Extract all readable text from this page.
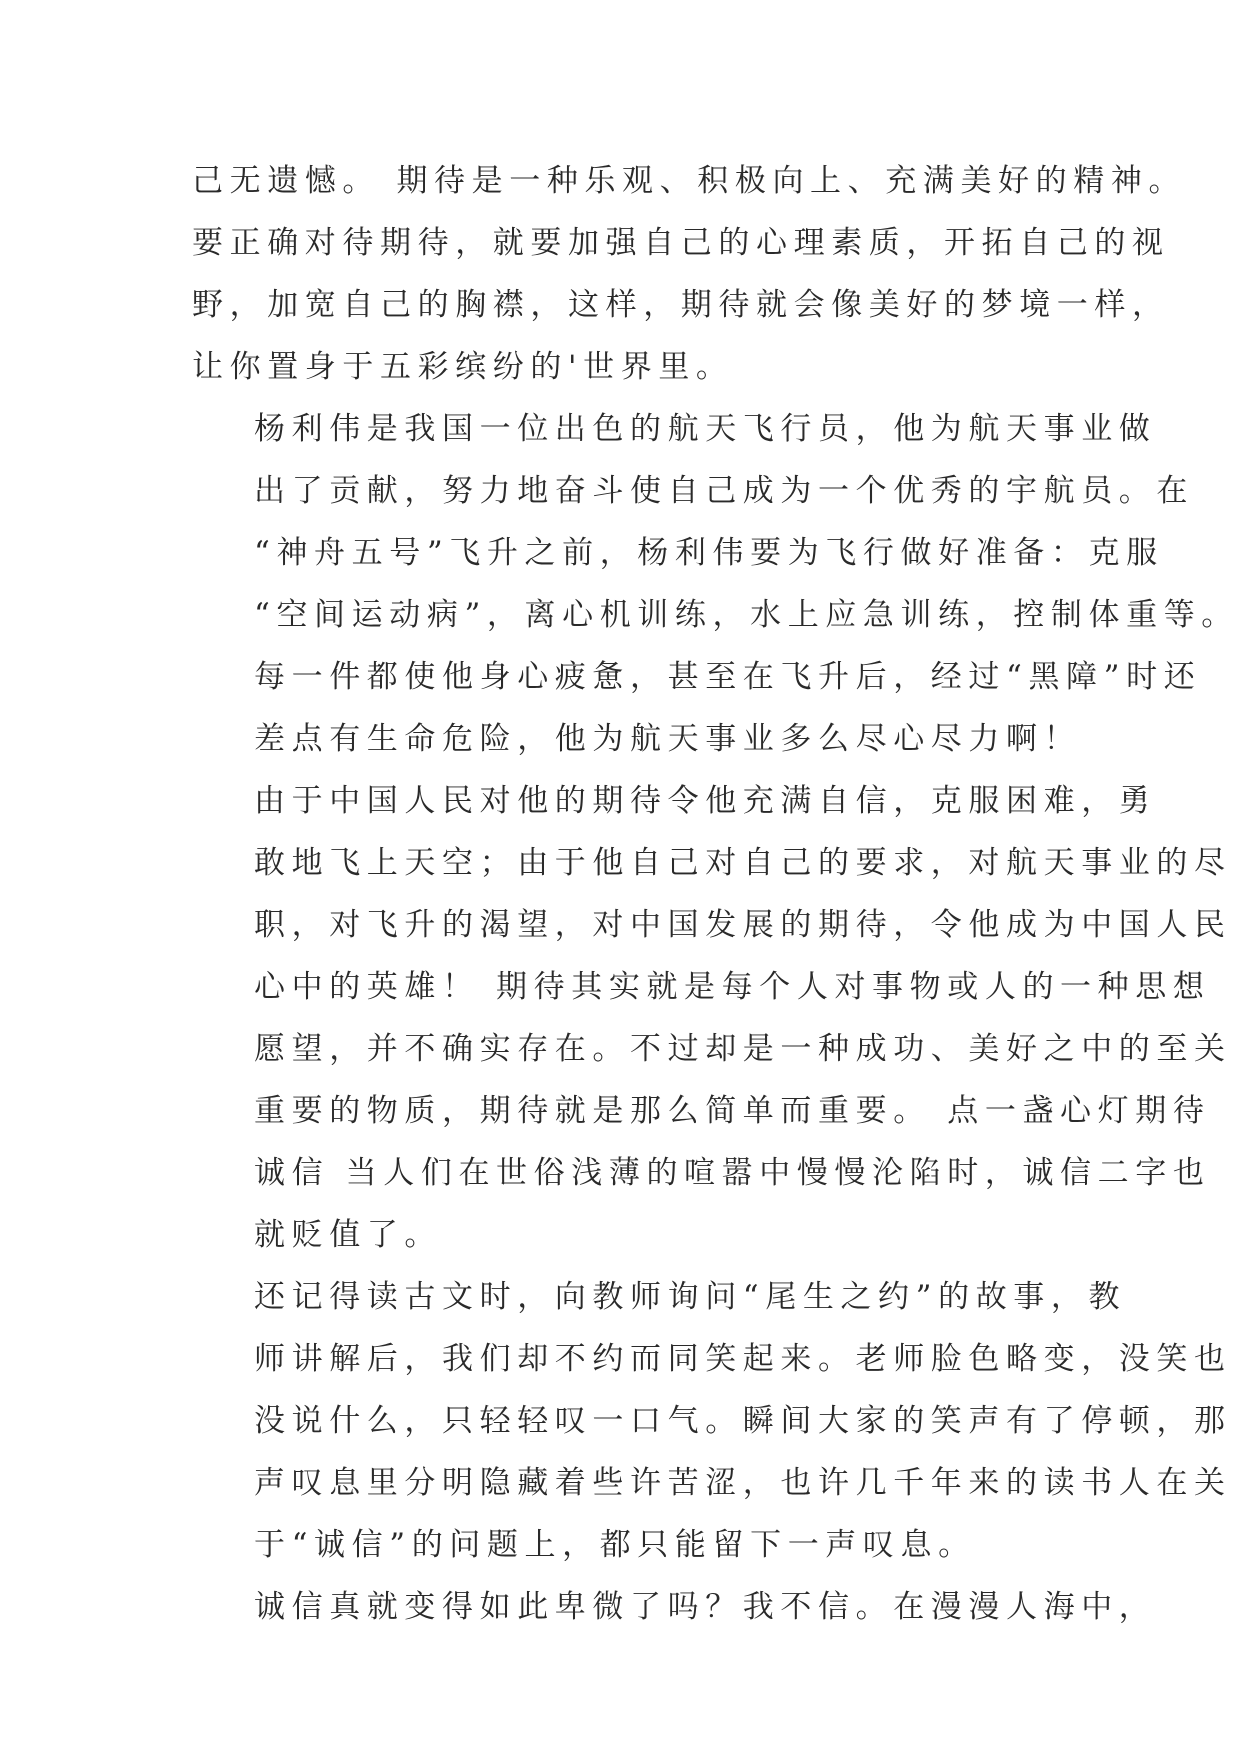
己无遗憾。 期待是一种乐观、积极向上、充满美好的精神。
要正确对待期待，就要加强自己的心理素质，开拓自己的视
野，加宽自己的胸襟，这样，期待就会像美好的梦境一样，
让你置身于五彩缤纷的'世界里。

杨利伟是我国一位出色的航天飞行员，他为航天事业做
出了贡献，努力地奋斗使自己成为一个优秀的宇航员。在
“神舟五号”飞升之前，杨利伟要为飞行做好准备：克服
“空间运动病”，离心机训练，水上应急训练，控制体重等。
每一件都使他身心疲惫，甚至在飞升后，经过“黑障”时还
差点有生命危险，他为航天事业多么尽心尽力啊！

由于中国人民对他的期待令他充满自信，克服困难，勇
敢地飞上天空；由于他自己对自己的要求，对航天事业的尽
职，对飞升的渴望，对中国发展的期待，令他成为中国人民
心中的英雄！ 期待其实就是每个人对事物或人的一种思想
愿望，并不确实存在。不过却是一种成功、美好之中的至关
重要的物质，期待就是那么简单而重要。 点一盏心灯期待
诚信 当人们在世俗浅薄的喧嚣中慢慢沦陷时，诚信二字也
就贬值了。

还记得读古文时，向教师询问“尾生之约”的故事，教
师讲解后，我们却不约而同笑起来。老师脸色略变，没笑也
没说什么，只轻轻叹一口气。瞬间大家的笑声有了停顿，那
声叹息里分明隐藏着些许苦涩，也许几千年来的读书人在关
于“诚信”的问题上，都只能留下一声叹息。

诚信真就变得如此卑微了吗？我不信。在漫漫人海中，
